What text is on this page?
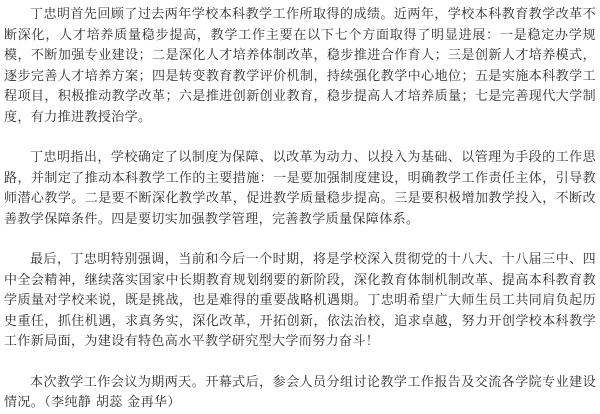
丁忠明首先回顾了过去两年学校本科教学工作所取得的成绩。近两年，学校本科教育教学改革不断深化，人才培养质量稳步提高，教学工作主要在以下七个方面取得了明显进展：一是稳定办学规模，不断加强专业建设；二是深化人才培养体制改革，稳步推进合作育人；三是创新人才培养模式，逐步完善人才培养方案；四是转变教育教学评价机制，持续强化教学中心地位；五是实施本科教学工程项目，积极推动教学改革；六是推进创新创业教育，稳步提高人才培养质量；七是完善现代大学制度，有力推进教授治学。

丁忠明指出，学校确定了以制度为保障、以改革为动力、以投入为基础、以管理为手段的工作思路，并制定了推动本科教学工作的主要措施：一是要加强制度建设，明确教学工作责任主体，引导教师潜心教学。二是要不断深化教学改革，促进教学质量稳步提高。三是要积极增加教学投入，不断改善教学保障条件。四是要切实加强教学管理，完善教学质量保障体系。

最后，丁忠明特别强调，当前和今后一个时期，将是学校深入贯彻党的十八大、十八届三中、四中全会精神，继续落实国家中长期教育规划纲要的新阶段，深化教育体制机制改革、提高本科教育教学质量对学校来说，既是挑战，也是难得的重要战略机遇期。丁忠明希望广大师生员工共同肩负起历史重任，抓住机遇，求真务实，深化改革，开拓创新，依法治校，追求卓越，努力开创学校本科教学工作新局面，为建设有特色高水平教学研究型大学而努力奋斗！

本次教学工作会议为期两天。开幕式后，参会人员分组讨论教学工作报告及交流各学院专业建设情况。（李纯静 胡蕊 金再华）
